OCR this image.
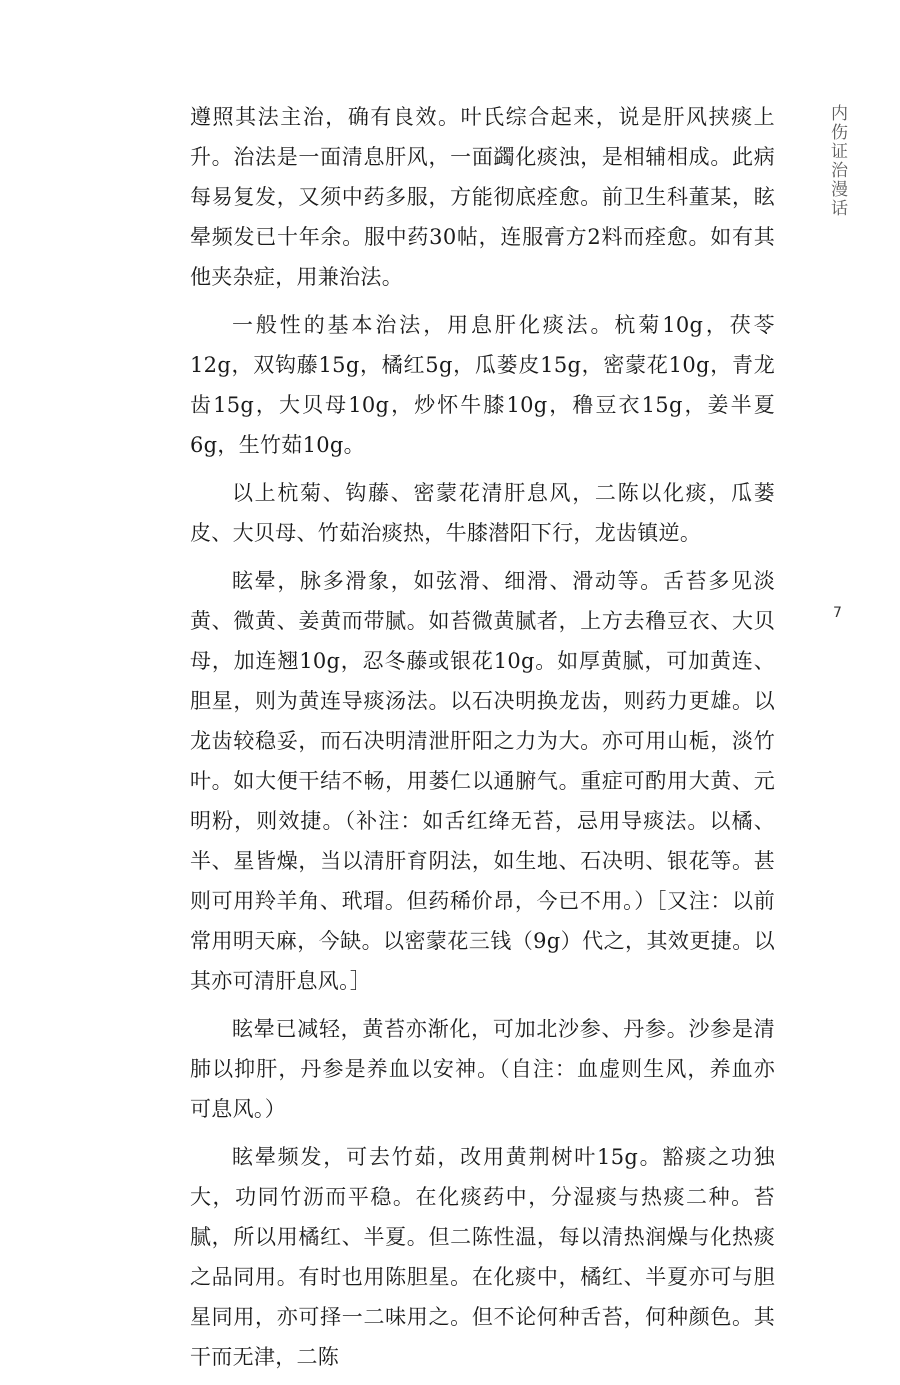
遵照其法主治，确有良效。叶氏综合起来，说是肝风挟痰上升。治法是一面清息肝风，一面蠲化痰浊，是相辅相成。此病每易复发，又须中药多服，方能彻底痊愈。前卫生科董某，眩晕频发已十年余。服中药30帖，连服膏方2料而痊愈。如有其他夹杂症，用兼治法。

一般性的基本治法，用息肝化痰法。杭菊10g，茯苓12g，双钩藤15g，橘红5g，瓜蒌皮15g，密蒙花10g，青龙齿15g，大贝母10g，炒怀牛膝10g，穞豆衣15g，姜半夏6g，生竹茹10g。

以上杭菊、钩藤、密蒙花清肝息风，二陈以化痰，瓜蒌皮、大贝母、竹茹治痰热，牛膝潜阳下行，龙齿镇逆。

眩晕，脉多滑象，如弦滑、细滑、滑动等。舌苔多见淡黄、微黄、姜黄而带腻。如苔微黄腻者，上方去穞豆衣、大贝母，加连翘10g，忍冬藤或银花10g。如厚黄腻，可加黄连、胆星，则为黄连导痰汤法。以石决明换龙齿，则药力更雄。以龙齿较稳妥，而石决明清泄肝阳之力为大。亦可用山栀，淡竹叶。如大便干结不畅，用蒌仁以通腑气。重症可酌用大黄、元明粉，则效捷。（补注：如舌红绛无苔，忌用导痰法。以橘、半、星皆燥，当以清肝育阴法，如生地、石决明、银花等。甚则可用羚羊角、玳瑁。但药稀价昂，今已不用。）［又注：以前常用明天麻，今缺。以密蒙花三钱（9g）代之，其效更捷。以其亦可清肝息风。］

眩晕已减轻，黄苔亦渐化，可加北沙参、丹参。沙参是清肺以抑肝，丹参是养血以安神。（自注：血虚则生风，养血亦可息风。）

眩晕频发，可去竹茹，改用黄荆树叶15g。豁痰之功独大，功同竹沥而平稳。在化痰药中，分湿痰与热痰二种。苔腻，所以用橘红、半夏。但二陈性温，每以清热润燥与化热痰之品同用。有时也用陈胆星。在化痰中，橘红、半夏亦可与胆星同用，亦可择一二味用之。但不论何种舌苔，何种颜色。其干而无津，二陈

内伤证治漫话
7
